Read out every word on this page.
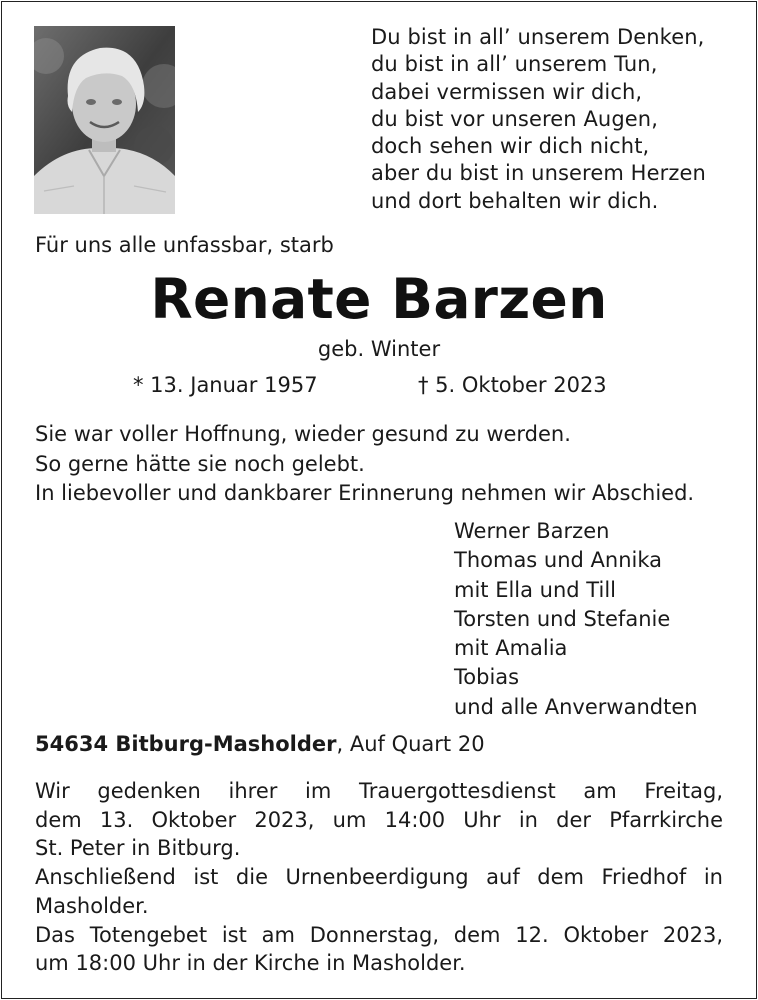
Du bist in all’ unserem Denken,
du bist in all’ unserem Tun,
dabei vermissen wir dich,
du bist vor unseren Augen,
doch sehen wir dich nicht,
aber du bist in unserem Herzen
und dort behalten wir dich.
Für uns alle unfassbar, starb
Renate Barzen
geb. Winter
* 13. Januar 1957	† 5. Oktober 2023
Sie war voller Hoffnung, wieder gesund zu werden.
So gerne hätte sie noch gelebt.
In liebevoller und dankbarer Erinnerung nehmen wir Abschied.
Werner Barzen
Thomas und Annika
mit Ella und Till
Torsten und Stefanie
mit Amalia
Tobias
und alle Anverwandten
54634 Bitburg-Masholder, Auf Quart 20

Wir gedenken ihrer im Trauergottesdienst am Freitag,

dem 13. Oktober 2023, um 14:00 Uhr in der Pfarrkirche

St. Peter in Bitburg.

Anschließend ist die Urnenbeerdigung auf dem Friedhof in

Masholder.

Das Totengebet ist am Donnerstag, dem 12. Oktober 2023,

um 18:00 Uhr in der Kirche in Masholder.
